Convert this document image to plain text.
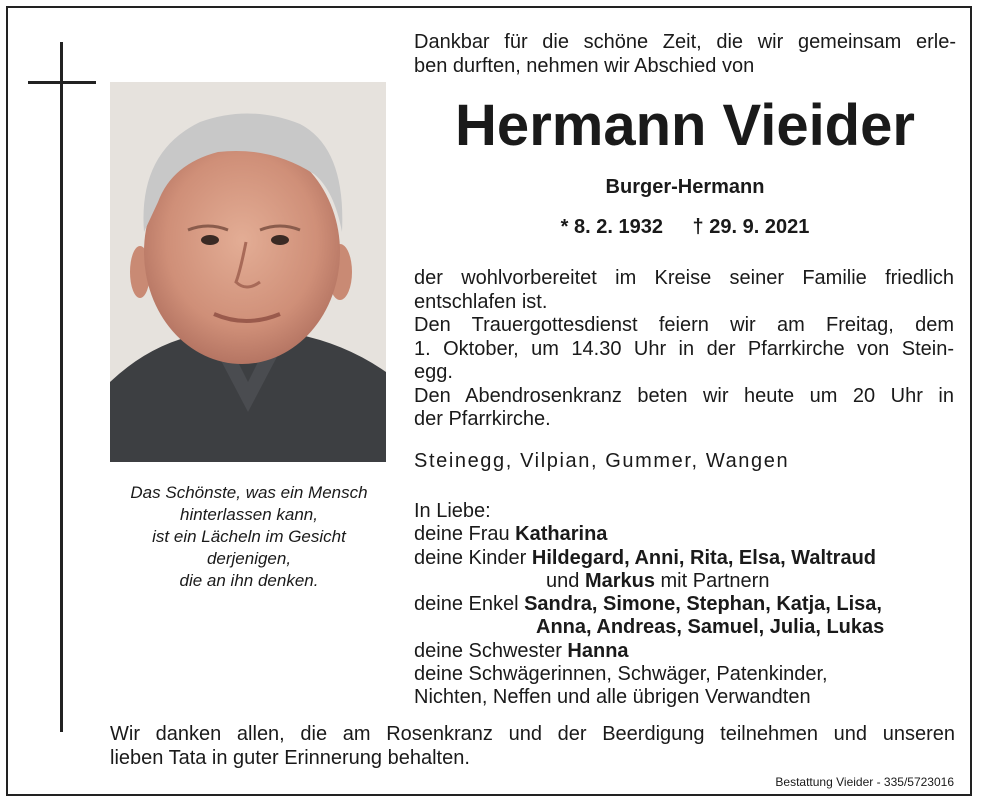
Das Schönste, was ein Mensch
hinterlassen kann,
ist ein Lächeln im Gesicht
derjenigen,
die an ihn denken.
Dankbar für die schöne Zeit, die wir gemeinsam erle-
ben durften, nehmen wir Abschied von
Hermann Vieider
Burger-Hermann
* 8. 2. 1932 † 29. 9. 2021
der wohlvorbereitet im Kreise seiner Familie friedlich
entschlafen ist.
Den Trauergottesdienst feiern wir am Freitag, dem
1. Oktober, um 14.30 Uhr in der Pfarrkirche von Stein-
egg.
Den Abendrosenkranz beten wir heute um 20 Uhr in
der Pfarrkirche.
Steinegg, Vilpian, Gummer, Wangen
In Liebe:
deine Frau Katharina
deine Kinder Hildegard, Anni, Rita, Elsa, Waltraud
und Markus mit Partnern
deine Enkel Sandra, Simone, Stephan, Katja, Lisa,
Anna, Andreas, Samuel, Julia, Lukas
deine Schwester Hanna
deine Schwägerinnen, Schwäger, Patenkinder,
Nichten, Neffen und alle übrigen Verwandten
Wir danken allen, die am Rosenkranz und der Beerdigung teilnehmen und unseren
lieben Tata in guter Erinnerung behalten.
Bestattung Vieider - 335/5723016
